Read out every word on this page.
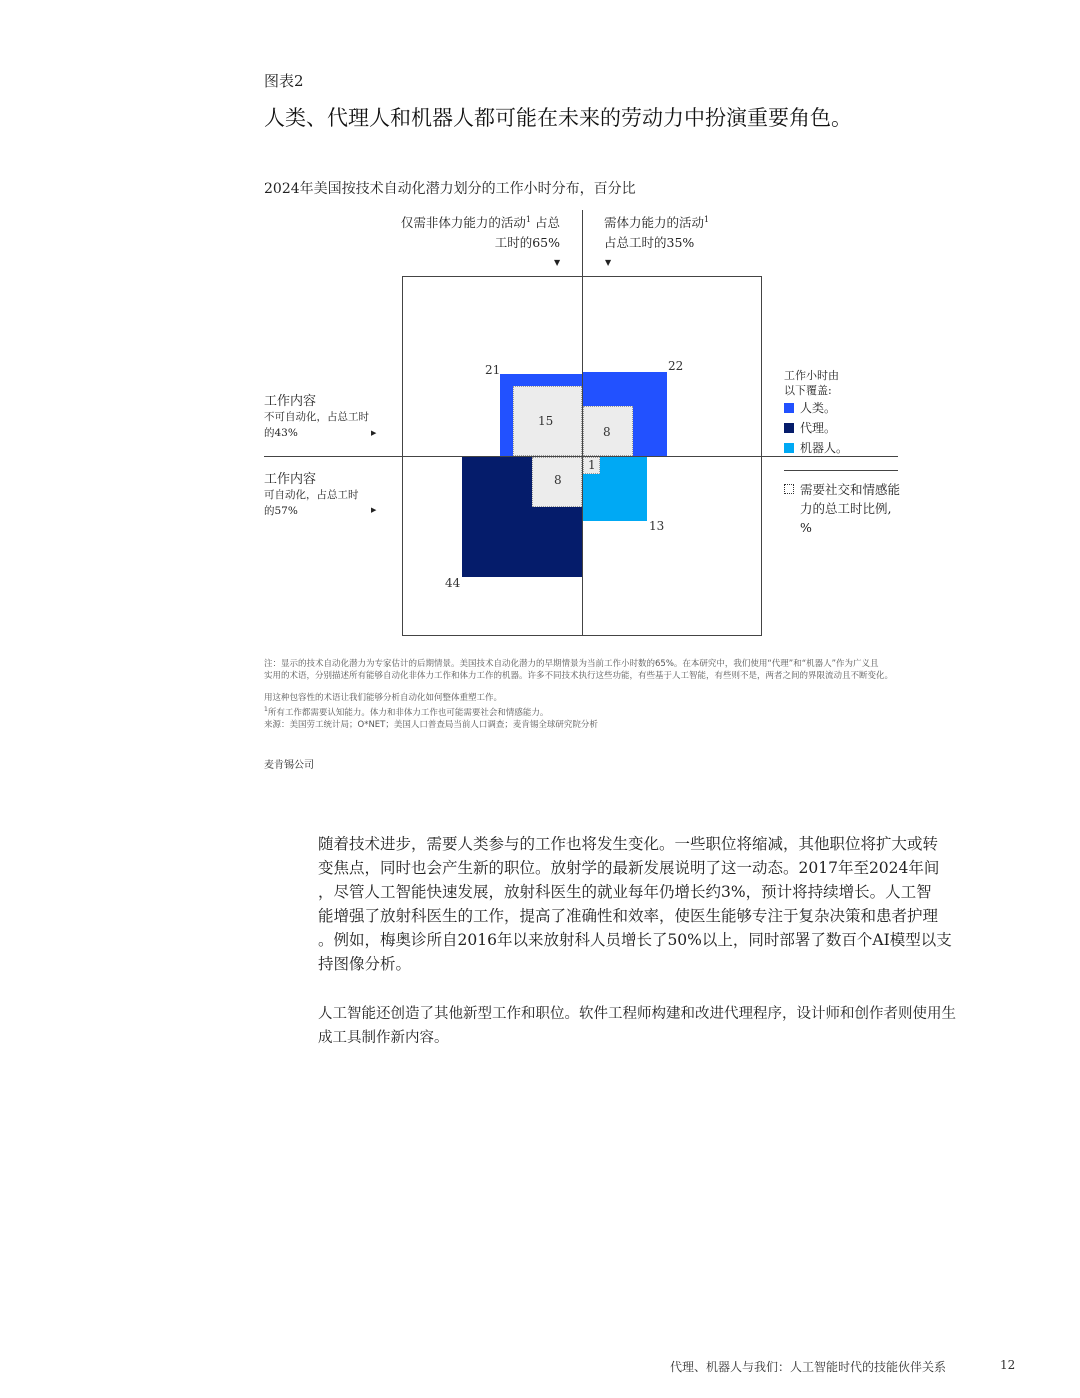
图表2
人类、代理人和机器人都可能在未来的劳动力中扮演重要角色。
2024年美国按技术自动化潜力划分的工作小时分布，百分比
仅需非体力能力的活动$^1$ 占总
工时的65%
需体力能力的活动$^1$
占总工时的35%
▼	▼
工作内容
不可自动化，占总工时
的43%	▶
工作内容
可自动化，占总工时
的57%	▶
21	22
44
13
15
8
8
1
工作小时由
以下覆盖:
人类。
代理。
机器人。
需要社交和情感能
力的总工时比例,
%
注：显示的技术自动化潜力为专家估计的后期情景。美国技术自动化潜力的早期情景为当前工作小时数的65%。在本研究中，我们使用“代理”和“机器人”作为广义且
实用的术语，分别描述所有能够自动化非体力工作和体力工作的机器。许多不同技术执行这些功能，有些基于人工智能，有些则不是，两者之间的界限流动且不断变化。
用这种包容性的术语让我们能够分析自动化如何整体重塑工作。
$^1$所有工作都需要认知能力。体力和非体力工作也可能需要社会和情感能力。
来源：美国劳工统计局；O*NET；美国人口普查局当前人口调查；麦肯锡全球研究院分析
麦肯锡公司
随着技术进步，需要人类参与的工作也将发生变化。一些职位将缩减，其他职位将扩大或转
变焦点，同时也会产生新的职位。放射学的最新发展说明了这一动态。2017年至2024年间
，尽管人工智能快速发展，放射科医生的就业每年仍增长约3%，预计将持续增长。人工智
能增强了放射科医生的工作，提高了准确性和效率，使医生能够专注于复杂决策和患者护理
。例如，梅奥诊所自2016年以来放射科人员增长了50%以上，同时部署了数百个AI模型以支
持图像分析。
人工智能还创造了其他新型工作和职位。软件工程师构建和改进代理程序，设计师和创作者则使用生
成工具制作新内容。
代理、机器人与我们：人工智能时代的技能伙伴关系	12
